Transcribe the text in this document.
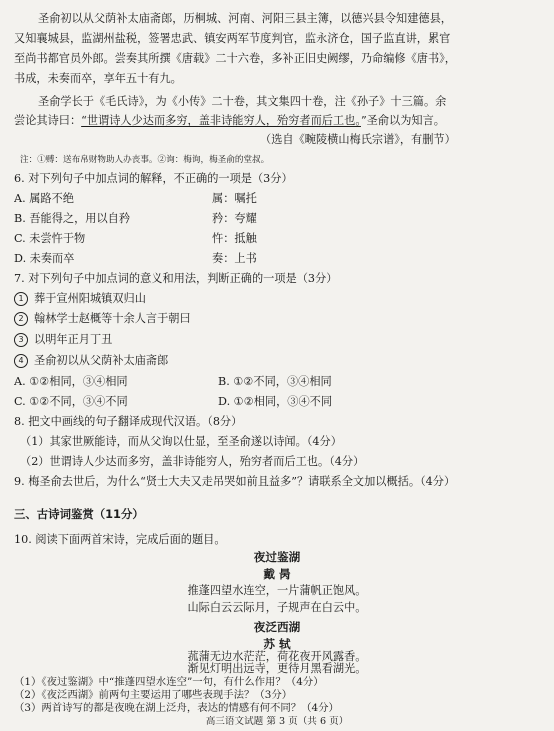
圣俞初以从父荫补太庙斋郎，历桐城、河南、河阳三县主簿，以德兴县令知建德县，
又知襄城县，监湖州盐税，签署忠武、镇安两军节度判官，监永济仓，国子监直讲，累官
至尚书都官员外郎。尝奏其所撰《唐载》二十六卷，多补正旧史阙缪，乃命编修《唐书》，
书成，未奏而卒，享年五十有九。
圣俞学长于《毛氏诗》，为《小传》二十卷，其文集四十卷，注《孙子》十三篇。余
尝论其诗曰：“世谓诗人少达而多穷，盖非诗能穷人，殆穷者而后工也。”圣俞以为知言。
（选自《畹陵横山梅氏宗谱》，有删节）
注：①赙：送布帛财物助人办丧事。②询：梅询，梅圣俞的堂叔。
6. 对下列句子中加点词的解释，不正确的一项是（3分）
A. 属路不绝	属：嘱托
B. 吾能得之，用以自矜	矜：夸耀
C. 未尝忤于物	忤：抵触
D. 未奏而卒	奏：上书
7. 对下列句子中加点词的意义和用法，判断正确的一项是（3分）
1 葬于宣州阳城镇双归山
2 翰林学士赵概等十余人言于朝曰
3 以明年正月丁丑
4 圣俞初以从父荫补太庙斋郎
A. ①②相同，③④相同	B. ①②不同，③④相同
C. ①②不同，③④不同	D. ①②相同，③④不同
8. 把文中画线的句子翻译成现代汉语。（8分）
（1）其家世厥能诗，而从父询以仕显，至圣俞遂以诗闻。（4分）
（2）世谓诗人少达而多穷，盖非诗能穷人，殆穷者而后工也。（4分）
9. 梅圣俞去世后，为什么“贤士大夫又走吊哭如前且益多”？请联系全文加以概括。（4分）
三、古诗词鉴赏（11分）
10. 阅读下面两首宋诗，完成后面的题目。
夜过鉴湖
戴 昺
推蓬四望水连空，一片蒲帆正饱风。
山际白云云际月，子规声在白云中。
夜泛西湖
苏 轼
菰蒲无边水茫茫，荷花夜开风露香。
渐见灯明出远寺，更待月黑看湖光。
（1）《夜过鉴湖》中“推蓬四望水连空”一句，有什么作用？（4分）
（2）《夜泛西湖》前两句主要运用了哪些表现手法？（3分）
（3）两首诗写的都是夜晚在湖上泛舟，表达的情感有何不同？（4分）
高三语文试题 第 3 页（共 6 页）
